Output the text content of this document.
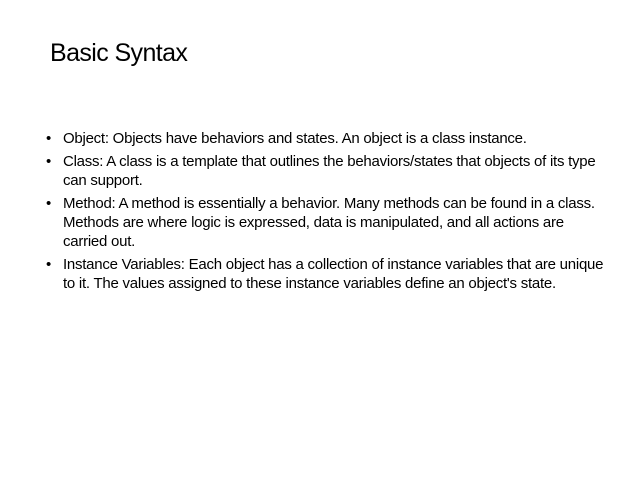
Basic Syntax
• Object: Objects have behaviors and states. An object is a class instance.
• Class: A class is a template that outlines the behaviors/states that objects of its type can support.
• Method: A method is essentially a behavior. Many methods can be found in a class. Methods are where logic is expressed, data is manipulated, and all actions are carried out.
• Instance Variables: Each object has a collection of instance variables that are unique to it. The values assigned to these instance variables define an object's state.
